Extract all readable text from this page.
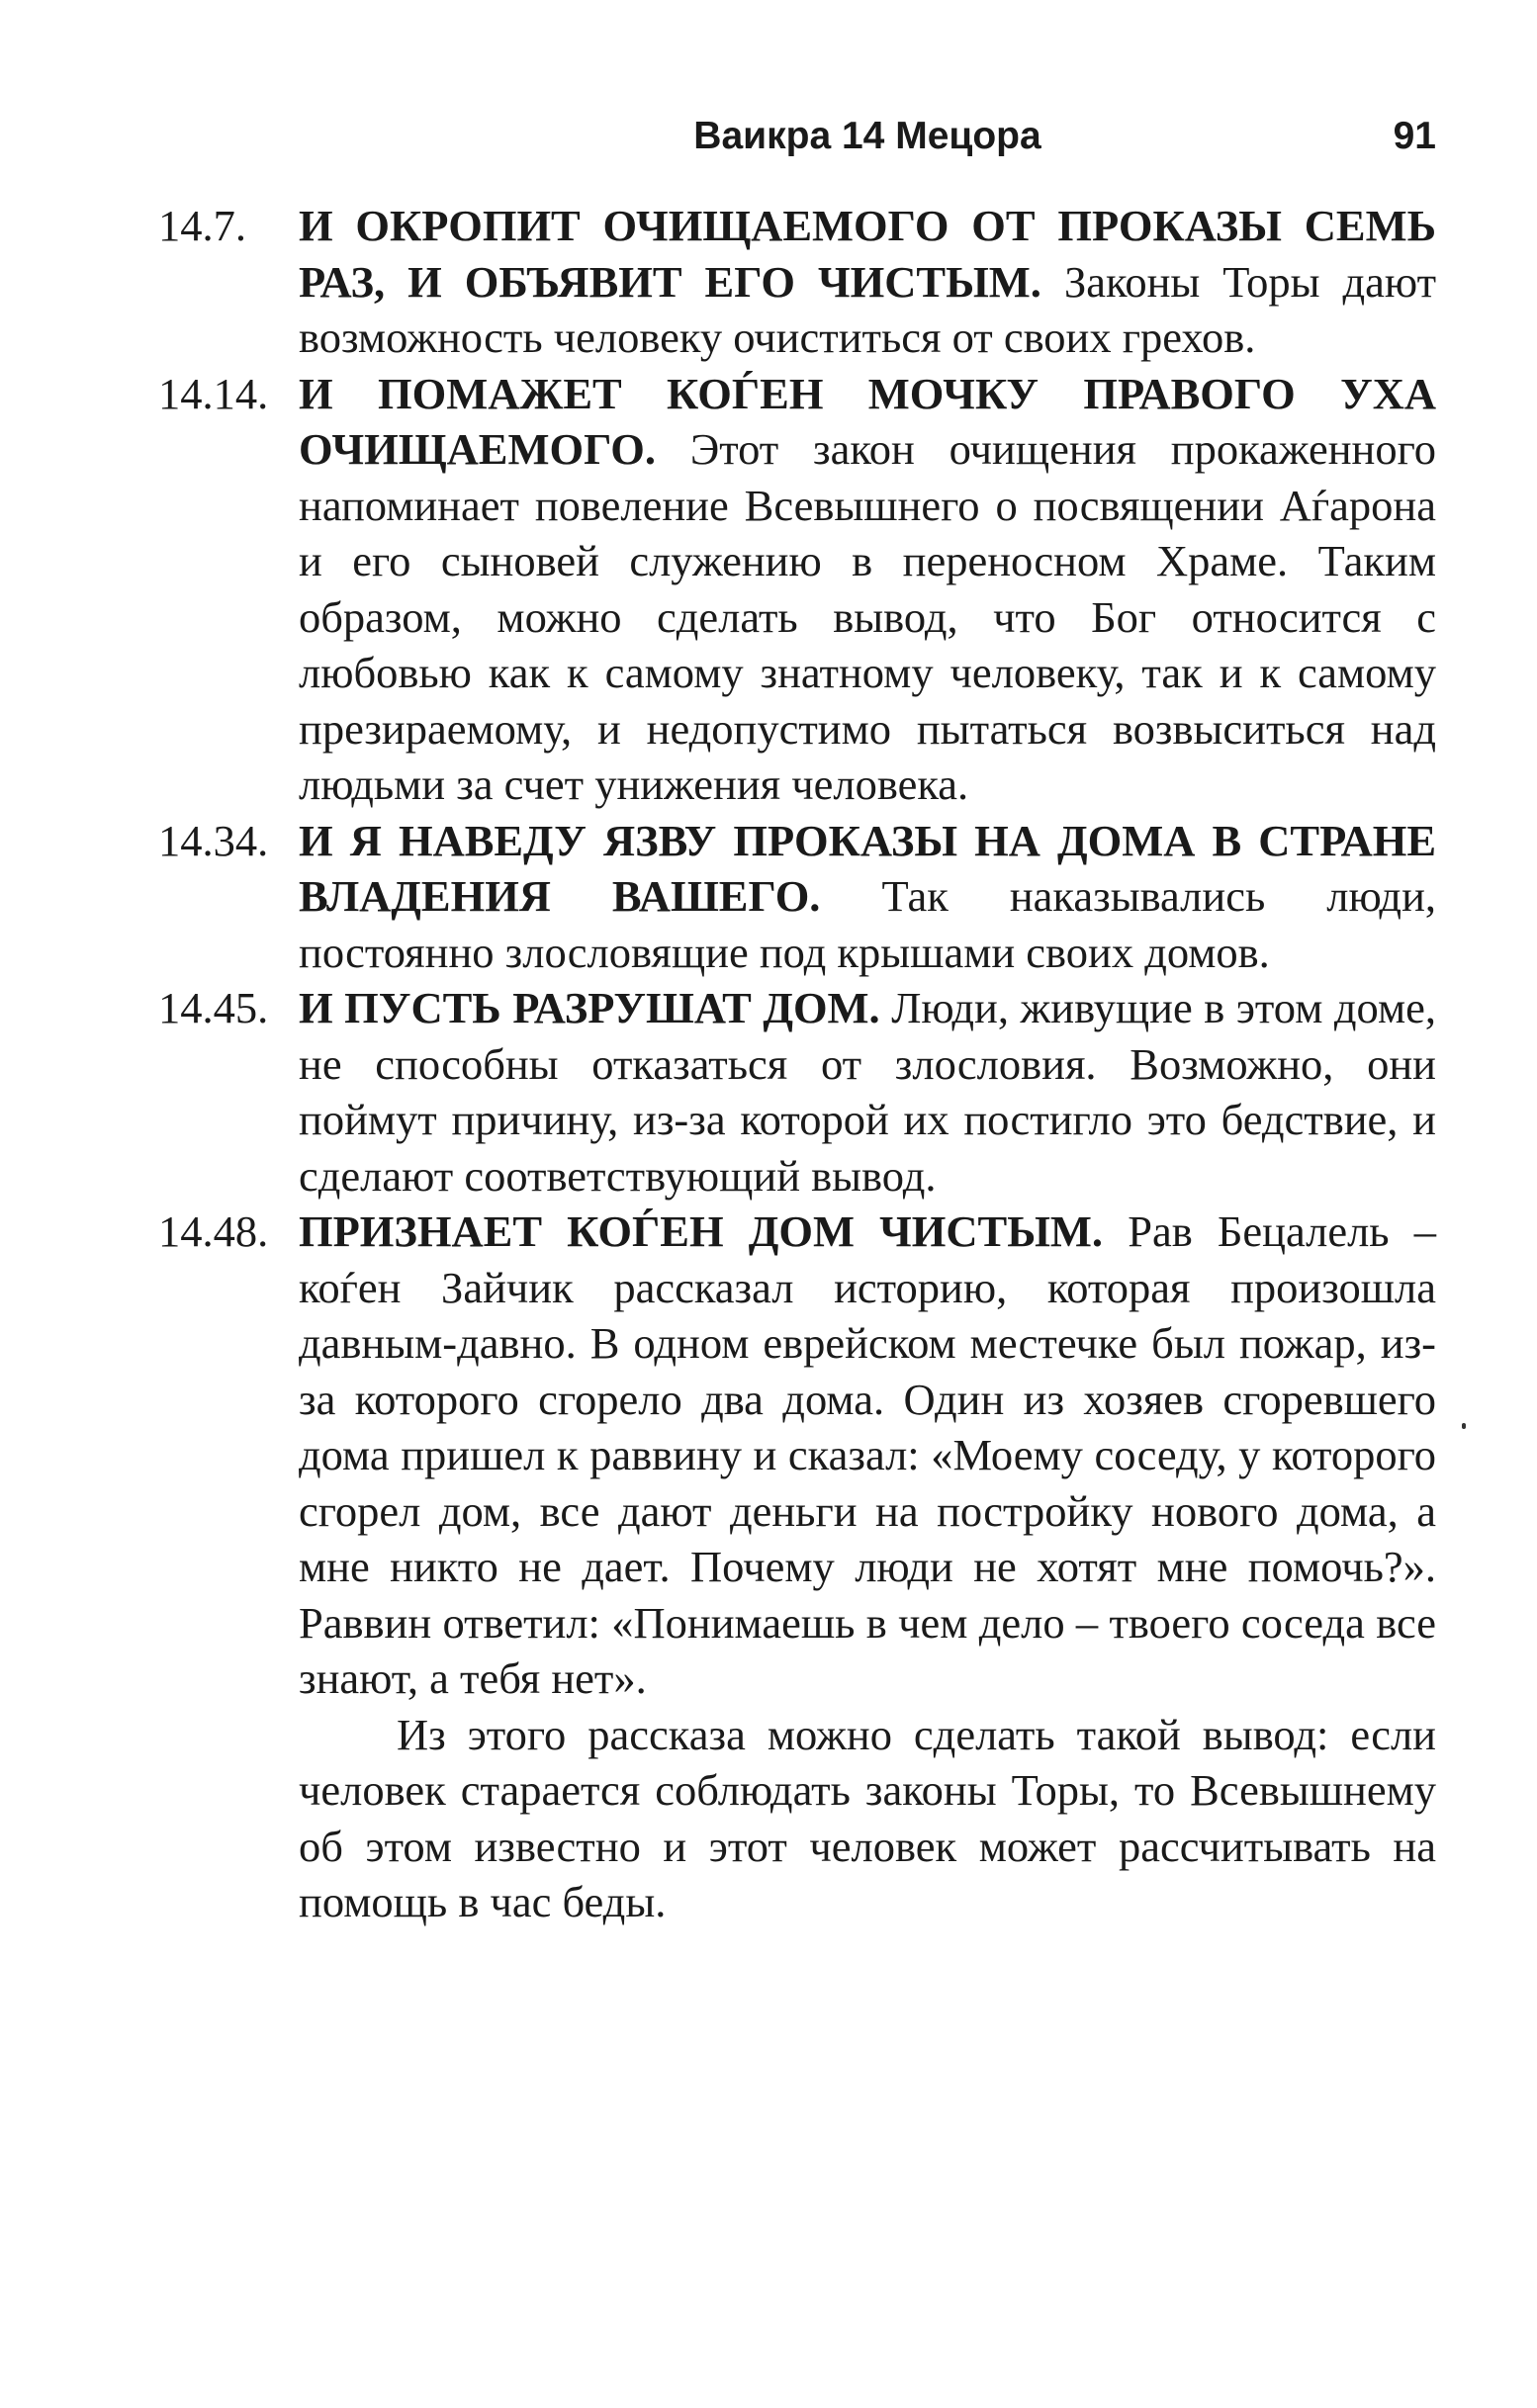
Ваикра 14 Мецора	91
14.7. И ОКРОПИТ ОЧИЩАЕМОГО ОТ ПРОКАЗЫ СЕМЬ РАЗ, И ОБЪЯВИТ ЕГО ЧИСТЫМ. Законы Торы дают возможность человеку очиститься от своих грехов.
14.14. И ПОМАЖЕТ КОЃЕН МОЧКУ ПРАВОГО УХА ОЧИЩАЕМОГО. Этот закон очищения прокаженного напоминает повеление Всевышнего о посвящении Аѓарона и его сыновей служению в переносном Храме. Таким образом, можно сделать вывод, что Бог относится с любовью как к самому знатному человеку, так и к самому презираемому, и недопустимо пытаться возвыситься над людьми за счет унижения человека.
14.34. И Я НАВЕДУ ЯЗВУ ПРОКАЗЫ НА ДОМА В СТРАНЕ ВЛАДЕНИЯ ВАШЕГО. Так наказывались люди, постоянно злословящие под крышами своих домов.
14.45. И ПУСТЬ РАЗРУШАТ ДОМ. Люди, живущие в этом доме, не способны отказаться от злословия. Возможно, они поймут причину, из-за которой их постигло это бедствие, и сделают соответствующий вывод.
14.48. ПРИЗНАЕТ КОЃЕН ДОМ ЧИСТЫМ. Рав Бецалель – коѓен Зайчик рассказал историю, которая произошла давным-давно. В одном еврейском местечке был пожар, из-за которого сгорело два дома. Один из хозяев сгоревшего дома пришел к раввину и сказал: «Моему соседу, у которого сгорел дом, все дают деньги на постройку нового дома, а мне никто не дает. Почему люди не хотят мне помочь?». Раввин ответил: «Понимаешь в чем дело – твоего соседа все знают, а тебя нет».
Из этого рассказа можно сделать такой вывод: если человек старается соблюдать законы Торы, то Всевышнему об этом известно и этот человек может рассчитывать на помощь в час беды.
